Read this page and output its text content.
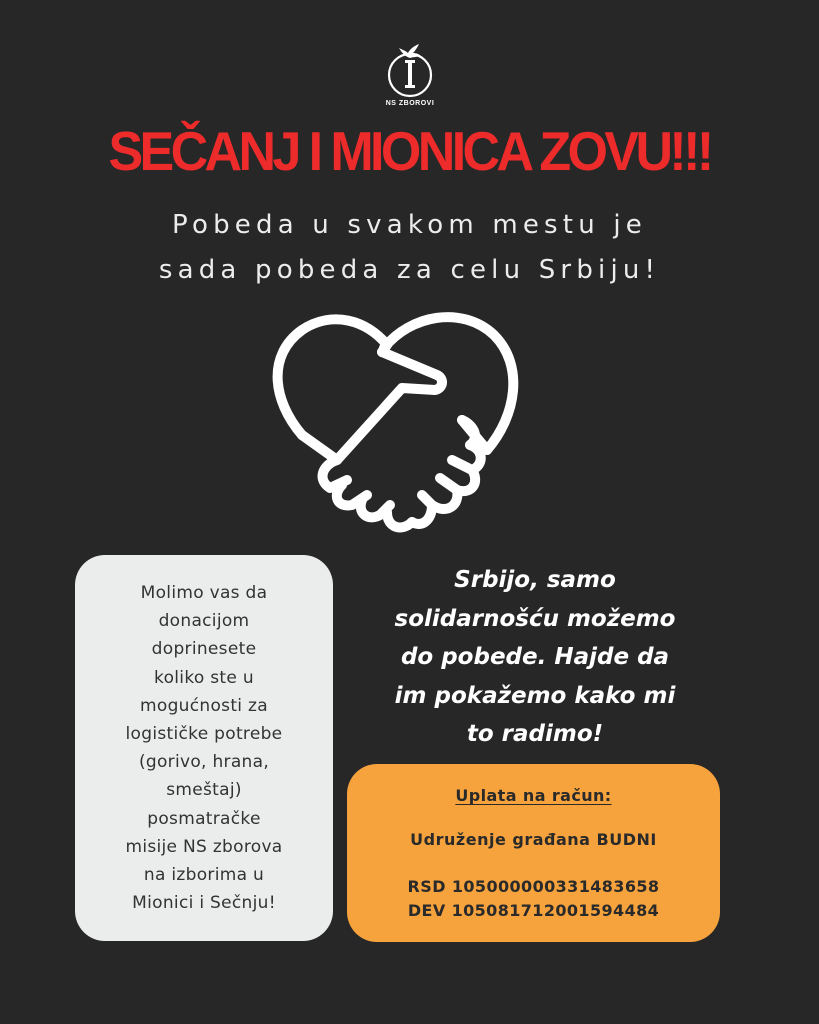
NS ZBOROVI
SEČANJ I MIONICA ZOVU!!!
Pobeda u svakom mestu je
sada pobeda za celu Srbiju!
Molimo vas da
donacijom
doprinesete
koliko ste u
mogućnosti za
logističke potrebe
(gorivo, hrana,
smeštaj)
posmatračke
misije NS zborova
na izborima u
Mionici i Sečnju!
Srbijo, samo
solidarnošću možemo
do pobede. Hajde da
im pokažemo kako mi
to radimo!
Uplata na račun:
Udruženje građana BUDNI
RSD 105000000331483658
DEV 105081712001594484
